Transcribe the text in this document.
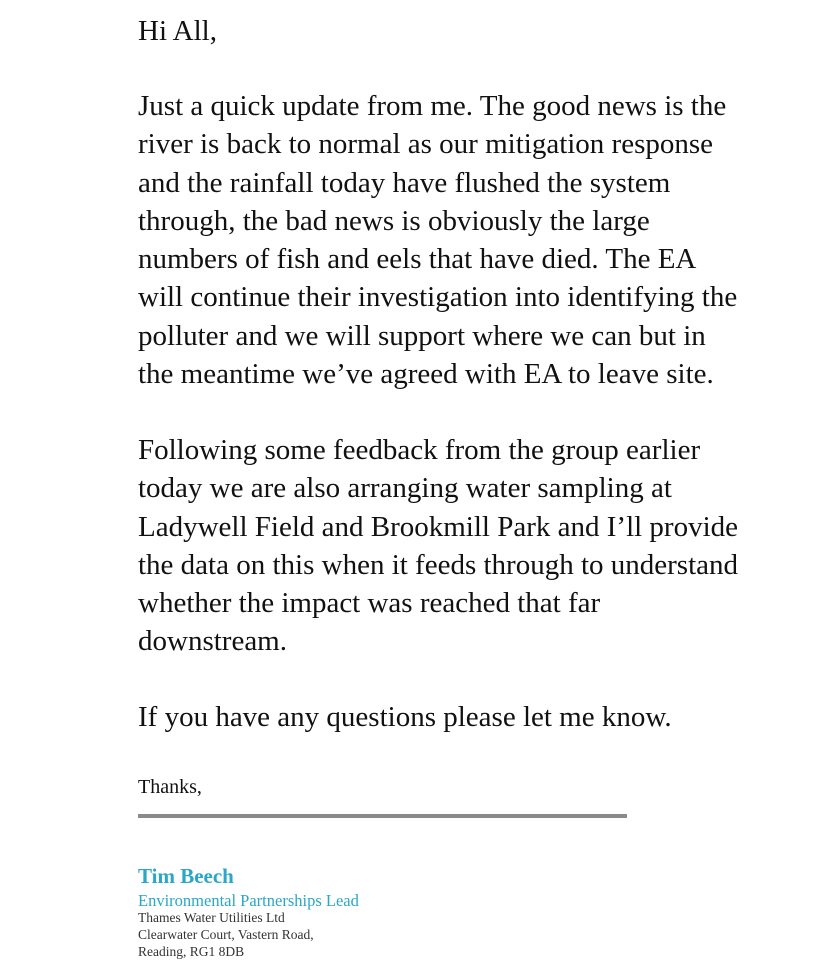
Hi All,

Just a quick update from me. The good news is the
river is back to normal as our mitigation response
and the rainfall today have flushed the system
through, the bad news is obviously the large
numbers of fish and eels that have died. The EA
will continue their investigation into identifying the
polluter and we will support where we can but in
the meantime we’ve agreed with EA to leave site.

Following some feedback from the group earlier
today we are also arranging water sampling at
Ladywell Field and Brookmill Park and I’ll provide
the data on this when it feeds through to understand
whether the impact was reached that far
downstream.

If you have any questions please let me know.

Thanks,

Tim Beech

Environmental Partnerships Lead

Thames Water Utilities Ltd
Clearwater Court, Vastern Road,
Reading, RG1 8DB
